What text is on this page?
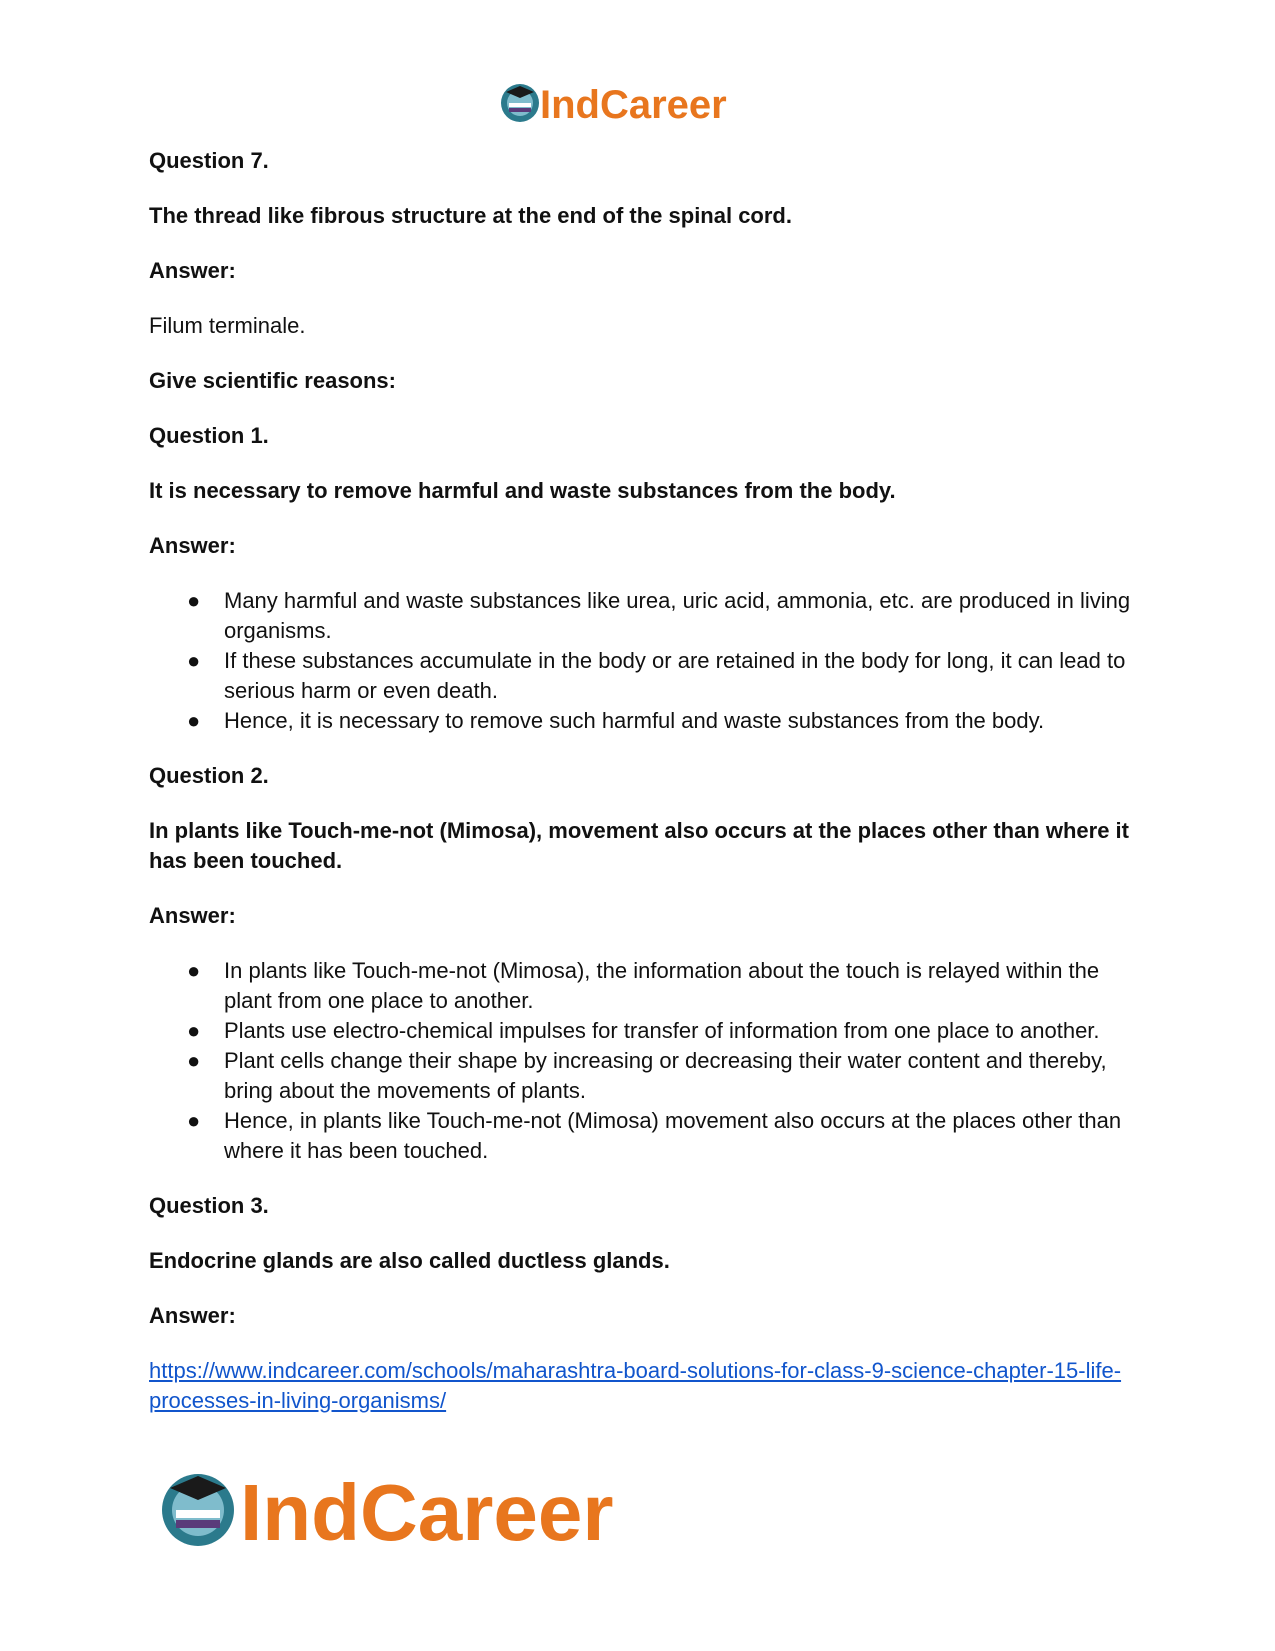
IndCareer

Question 7.

The thread like fibrous structure at the end of the spinal cord.

Answer:

Filum terminale.

Give scientific reasons:

Question 1.

It is necessary to remove harmful and waste substances from the body.

Answer:

● Many harmful and waste substances like urea, uric acid, ammonia, etc. are produced in living organisms.
● If these substances accumulate in the body or are retained in the body for long, it can lead to serious harm or even death.
● Hence, it is necessary to remove such harmful and waste substances from the body.

Question 2.

In plants like Touch-me-not (Mimosa), movement also occurs at the places other than where it has been touched.

Answer:

● In plants like Touch-me-not (Mimosa), the information about the touch is relayed within the plant from one place to another.
● Plants use electro-chemical impulses for transfer of information from one place to another.
● Plant cells change their shape by increasing or decreasing their water content and thereby, bring about the movements of plants.
● Hence, in plants like Touch-me-not (Mimosa) movement also occurs at the places other than where it has been touched.

Question 3.

Endocrine glands are also called ductless glands.

Answer:

https://www.indcareer.com/schools/maharashtra-board-solutions-for-class-9-science-chapter-15-life-processes-in-living-organisms/
IndCareer
